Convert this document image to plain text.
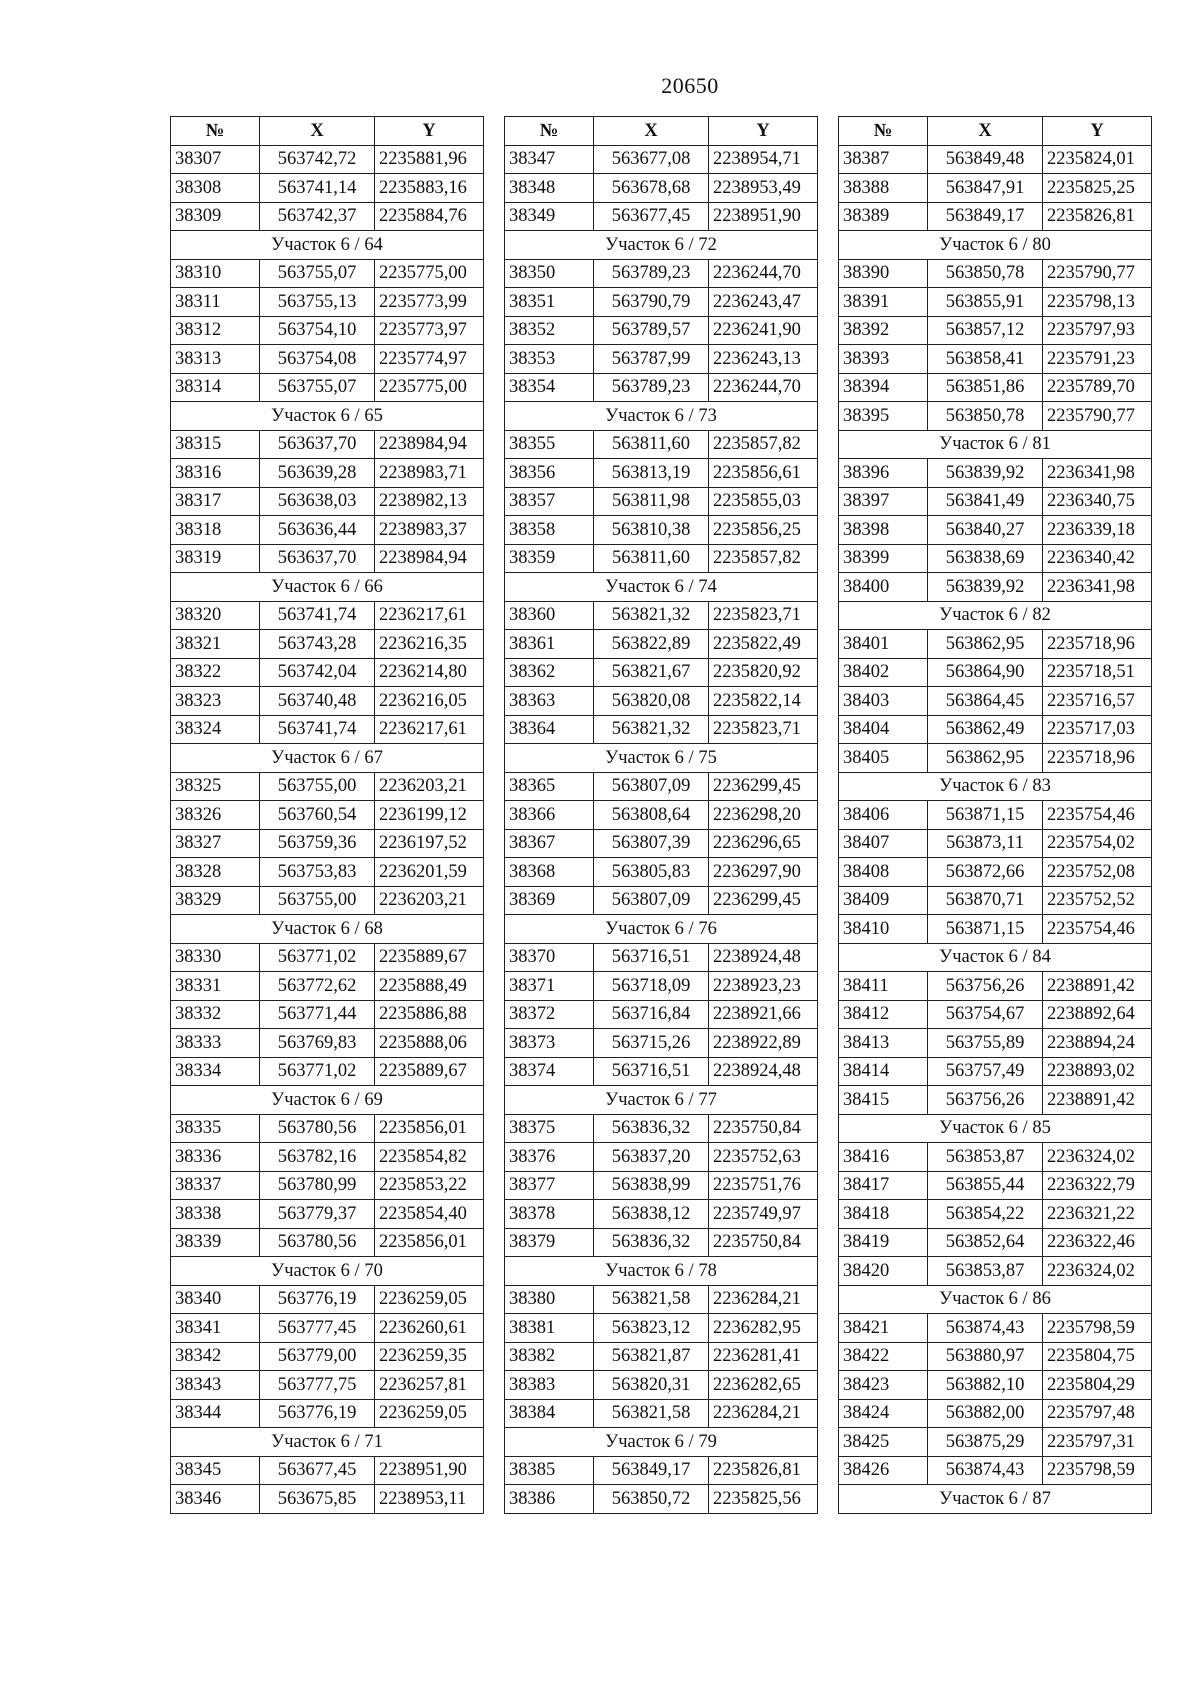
20650
№	X	Y
38307	563742,72	2235881,96
38308	563741,14	2235883,16
38309	563742,37	2235884,76
Участок 6 / 64		
38310	563755,07	2235775,00
38311	563755,13	2235773,99
38312	563754,10	2235773,97
38313	563754,08	2235774,97
38314	563755,07	2235775,00
Участок 6 / 65		
38315	563637,70	2238984,94
38316	563639,28	2238983,71
38317	563638,03	2238982,13
38318	563636,44	2238983,37
38319	563637,70	2238984,94
Участок 6 / 66		
38320	563741,74	2236217,61
38321	563743,28	2236216,35
38322	563742,04	2236214,80
38323	563740,48	2236216,05
38324	563741,74	2236217,61
Участок 6 / 67		
38325	563755,00	2236203,21
38326	563760,54	2236199,12
38327	563759,36	2236197,52
38328	563753,83	2236201,59
38329	563755,00	2236203,21
Участок 6 / 68		
38330	563771,02	2235889,67
38331	563772,62	2235888,49
38332	563771,44	2235886,88
38333	563769,83	2235888,06
38334	563771,02	2235889,67
Участок 6 / 69		
38335	563780,56	2235856,01
38336	563782,16	2235854,82
38337	563780,99	2235853,22
38338	563779,37	2235854,40
38339	563780,56	2235856,01
Участок 6 / 70		
38340	563776,19	2236259,05
38341	563777,45	2236260,61
38342	563779,00	2236259,35
38343	563777,75	2236257,81
38344	563776,19	2236259,05
Участок 6 / 71		
38345	563677,45	2238951,90
38346	563675,85	2238953,11
№	X	Y
38347	563677,08	2238954,71
38348	563678,68	2238953,49
38349	563677,45	2238951,90
Участок 6 / 72		
38350	563789,23	2236244,70
38351	563790,79	2236243,47
38352	563789,57	2236241,90
38353	563787,99	2236243,13
38354	563789,23	2236244,70
Участок 6 / 73		
38355	563811,60	2235857,82
38356	563813,19	2235856,61
38357	563811,98	2235855,03
38358	563810,38	2235856,25
38359	563811,60	2235857,82
Участок 6 / 74		
38360	563821,32	2235823,71
38361	563822,89	2235822,49
38362	563821,67	2235820,92
38363	563820,08	2235822,14
38364	563821,32	2235823,71
Участок 6 / 75		
38365	563807,09	2236299,45
38366	563808,64	2236298,20
38367	563807,39	2236296,65
38368	563805,83	2236297,90
38369	563807,09	2236299,45
Участок 6 / 76		
38370	563716,51	2238924,48
38371	563718,09	2238923,23
38372	563716,84	2238921,66
38373	563715,26	2238922,89
38374	563716,51	2238924,48
Участок 6 / 77		
38375	563836,32	2235750,84
38376	563837,20	2235752,63
38377	563838,99	2235751,76
38378	563838,12	2235749,97
38379	563836,32	2235750,84
Участок 6 / 78		
38380	563821,58	2236284,21
38381	563823,12	2236282,95
38382	563821,87	2236281,41
38383	563820,31	2236282,65
38384	563821,58	2236284,21
Участок 6 / 79		
38385	563849,17	2235826,81
38386	563850,72	2235825,56
№	X	Y
38387	563849,48	2235824,01
38388	563847,91	2235825,25
38389	563849,17	2235826,81
Участок 6 / 80		
38390	563850,78	2235790,77
38391	563855,91	2235798,13
38392	563857,12	2235797,93
38393	563858,41	2235791,23
38394	563851,86	2235789,70
38395	563850,78	2235790,77
Участок 6 / 81		
38396	563839,92	2236341,98
38397	563841,49	2236340,75
38398	563840,27	2236339,18
38399	563838,69	2236340,42
38400	563839,92	2236341,98
Участок 6 / 82		
38401	563862,95	2235718,96
38402	563864,90	2235718,51
38403	563864,45	2235716,57
38404	563862,49	2235717,03
38405	563862,95	2235718,96
Участок 6 / 83		
38406	563871,15	2235754,46
38407	563873,11	2235754,02
38408	563872,66	2235752,08
38409	563870,71	2235752,52
38410	563871,15	2235754,46
Участок 6 / 84		
38411	563756,26	2238891,42
38412	563754,67	2238892,64
38413	563755,89	2238894,24
38414	563757,49	2238893,02
38415	563756,26	2238891,42
Участок 6 / 85		
38416	563853,87	2236324,02
38417	563855,44	2236322,79
38418	563854,22	2236321,22
38419	563852,64	2236322,46
38420	563853,87	2236324,02
Участок 6 / 86		
38421	563874,43	2235798,59
38422	563880,97	2235804,75
38423	563882,10	2235804,29
38424	563882,00	2235797,48
38425	563875,29	2235797,31
38426	563874,43	2235798,59
Участок 6 / 87		
